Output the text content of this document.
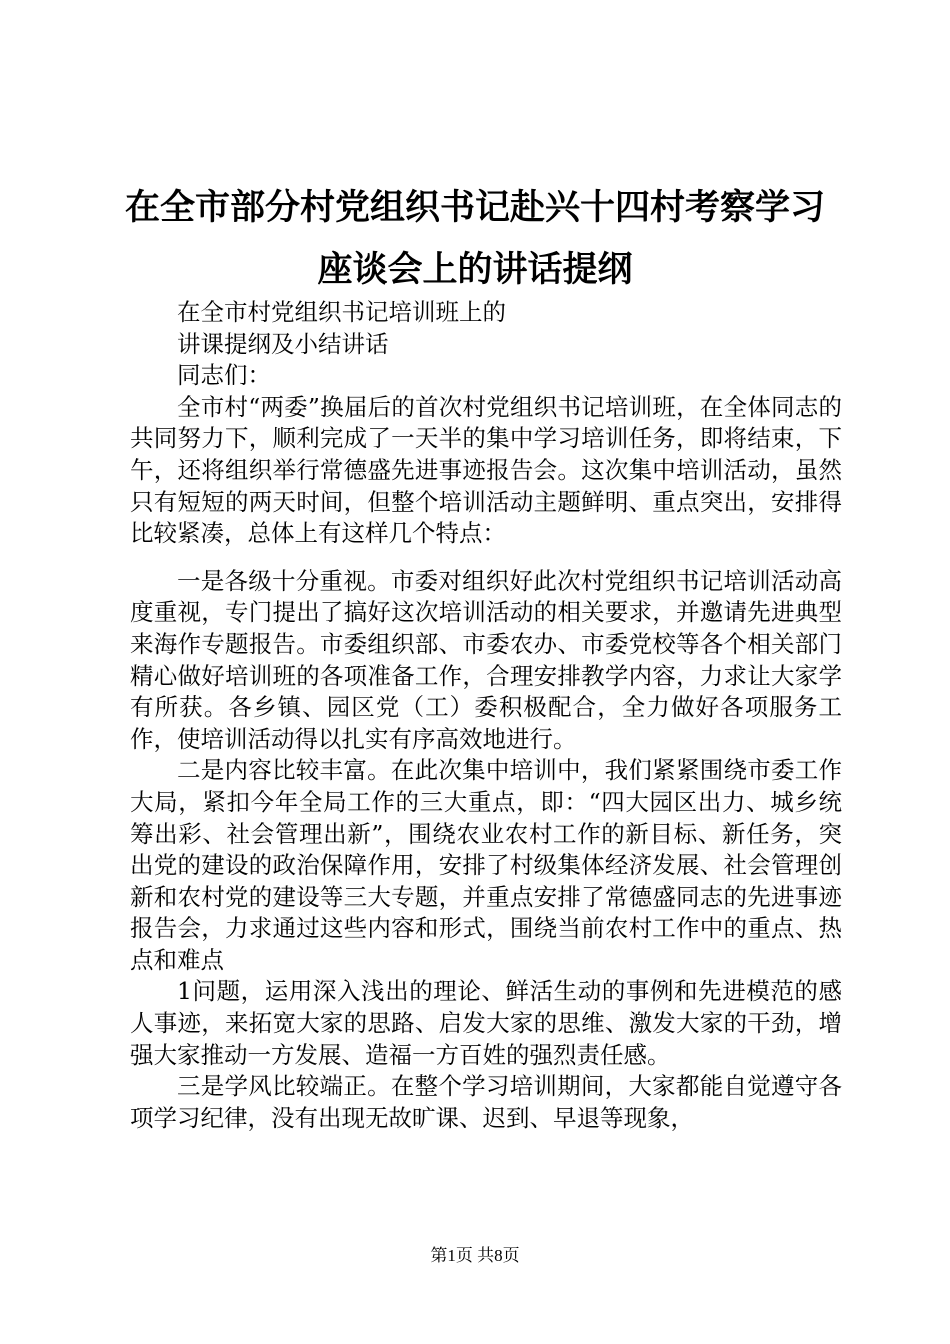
在全市部分村党组织书记赴兴十四村考察学习
座谈会上的讲话提纲

在全市村党组织书记培训班上的

讲课提纲及小结讲话

同志们：

全市村“两委”换届后的首次村党组织书记培训班，在全体同志的共同努力下，顺利完成了一天半的集中学习培训任务，即将结束，下午，还将组织举行常德盛先进事迹报告会。这次集中培训活动，虽然只有短短的两天时间，但整个培训活动主题鲜明、重点突出，安排得比较紧凑，总体上有这样几个特点：

一是各级十分重视。市委对组织好此次村党组织书记培训活动高度重视，专门提出了搞好这次培训活动的相关要求，并邀请先进典型来海作专题报告。市委组织部、市委农办、市委党校等各个相关部门精心做好培训班的各项准备工作，合理安排教学内容，力求让大家学有所获。各乡镇、园区党（工）委积极配合，全力做好各项服务工作，使培训活动得以扎实有序高效地进行。

二是内容比较丰富。在此次集中培训中，我们紧紧围绕市委工作大局，紧扣今年全局工作的三大重点，即：“四大园区出力、城乡统筹出彩、社会管理出新”，围绕农业农村工作的新目标、新任务，突出党的建设的政治保障作用，安排了村级集体经济发展、社会管理创新和农村党的建设等三大专题，并重点安排了常德盛同志的先进事迹报告会，力求通过这些内容和形式，围绕当前农村工作中的重点、热点和难点

1问题，运用深入浅出的理论、鲜活生动的事例和先进模范的感人事迹，来拓宽大家的思路、启发大家的思维、激发大家的干劲，增强大家推动一方发展、造福一方百姓的强烈责任感。

三是学风比较端正。在整个学习培训期间，大家都能自觉遵守各项学习纪律，没有出现无故旷课、迟到、早退等现象，

第1页 共8页
